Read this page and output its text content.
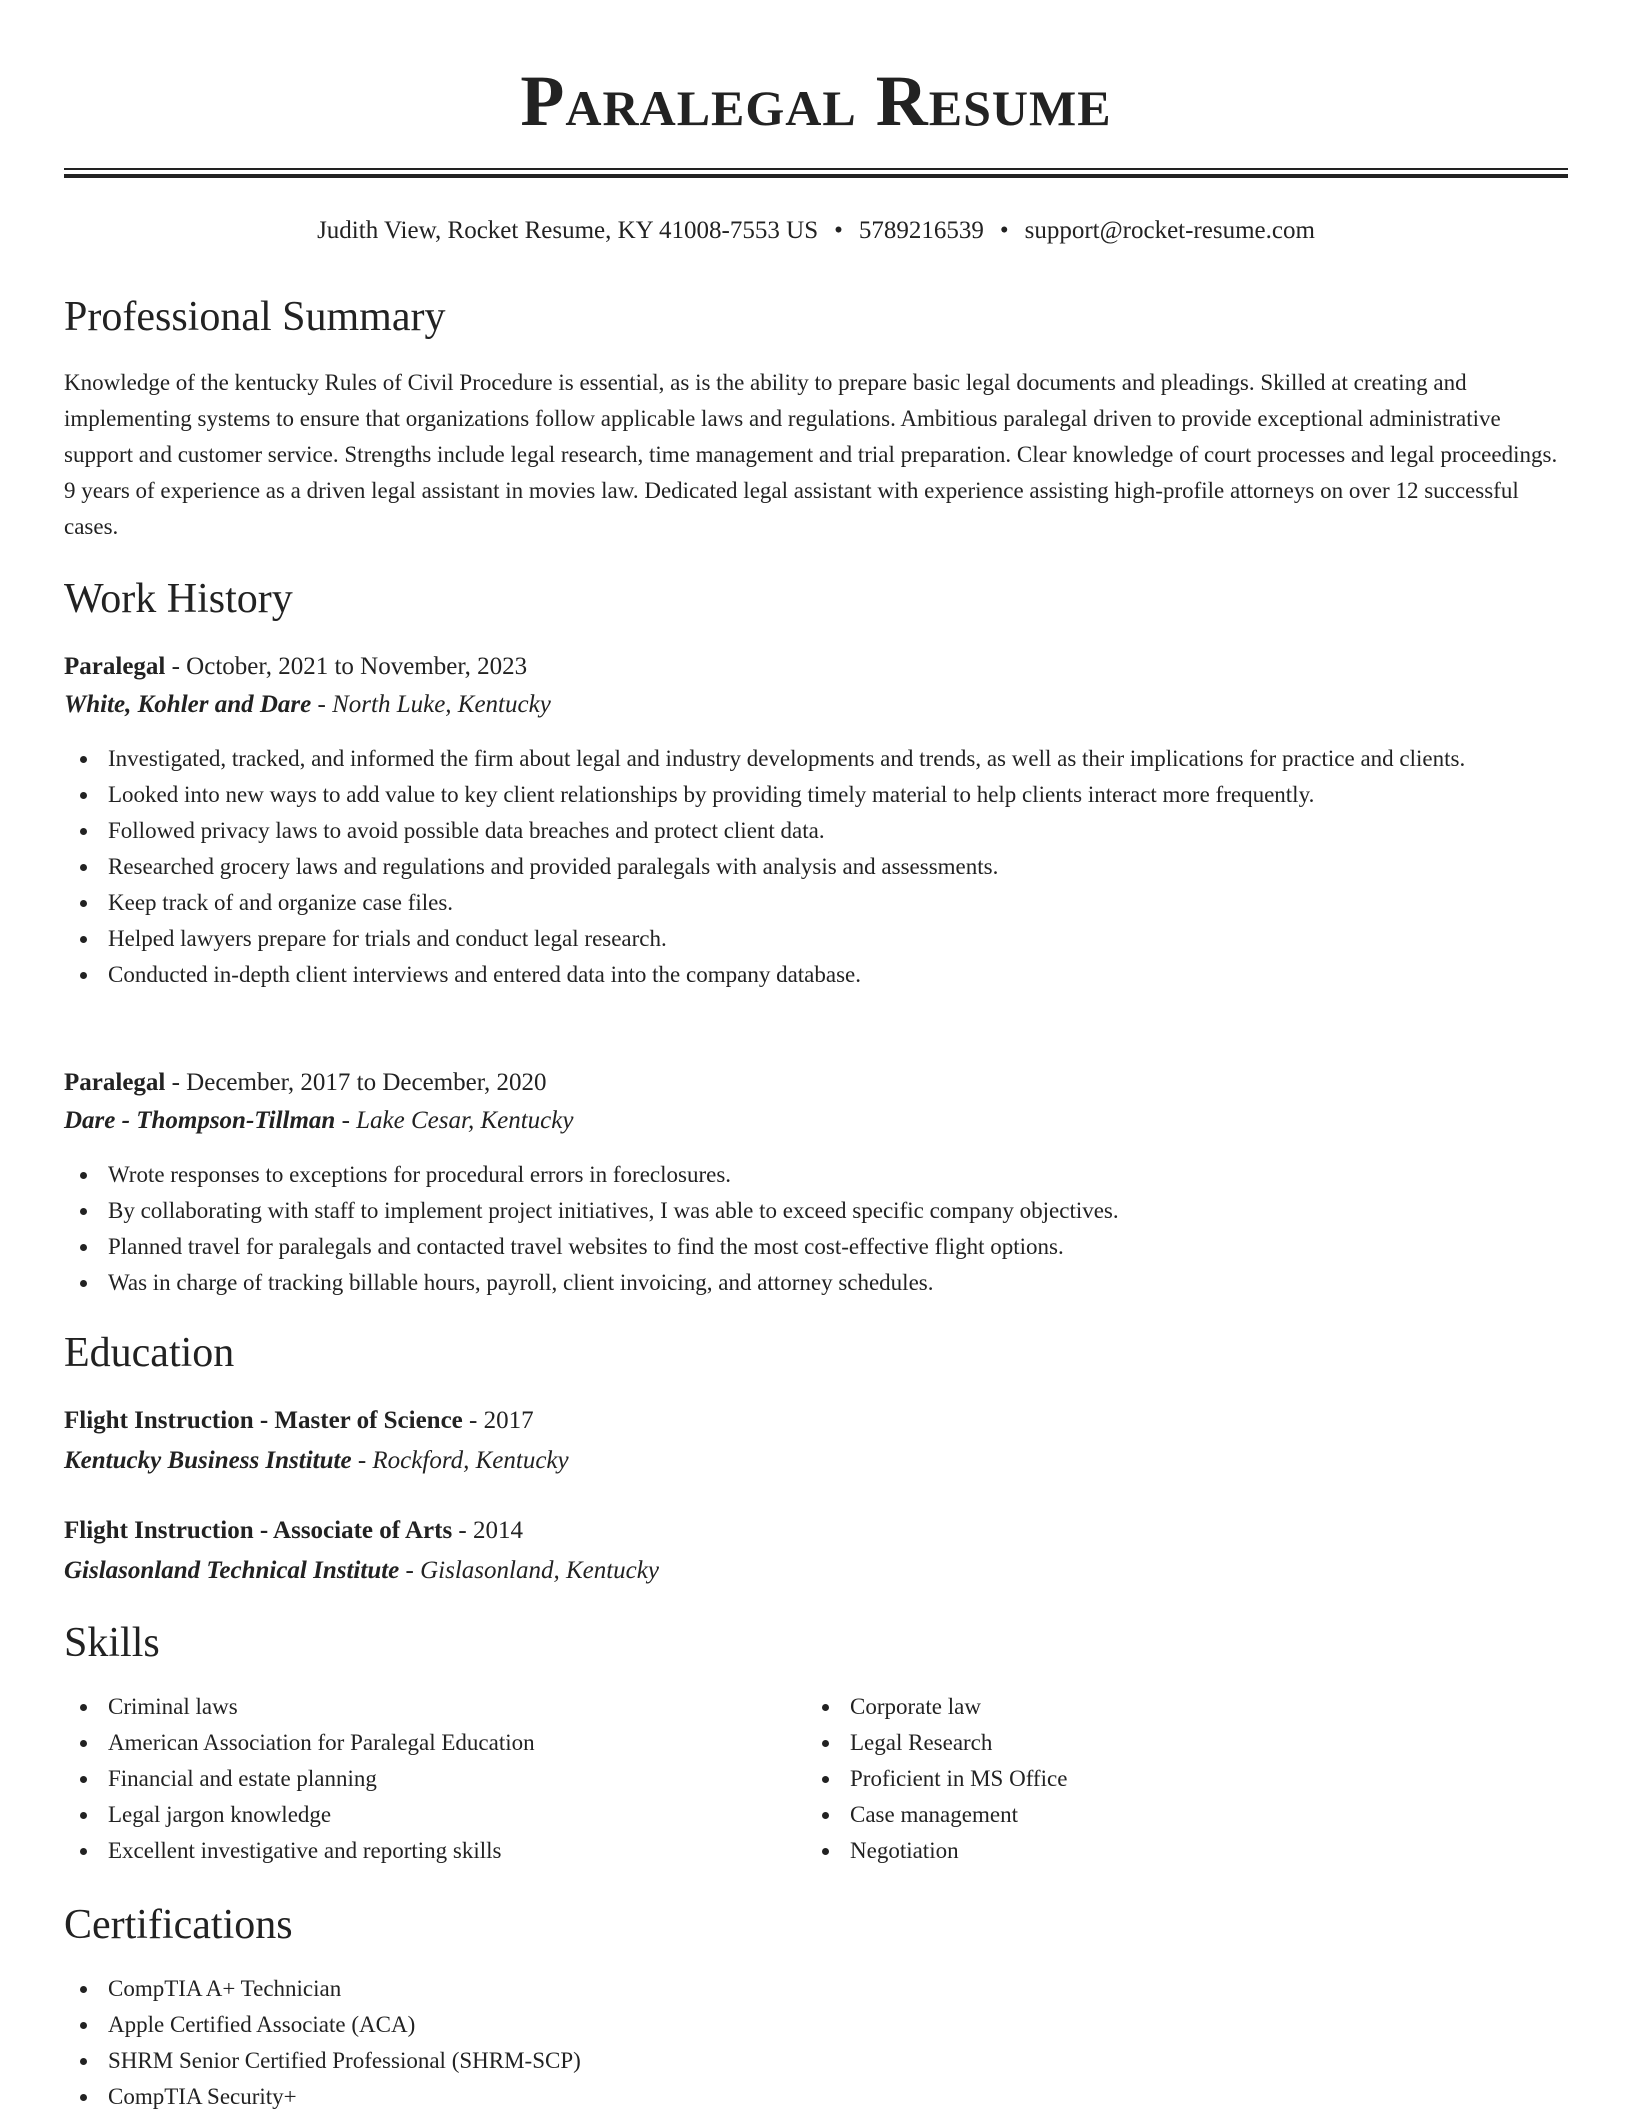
Paralegal Resume
Judith View, Rocket Resume, KY 41008-7553 US • 5789216539 • support@rocket-resume.com
Professional Summary
Knowledge of the kentucky Rules of Civil Procedure is essential, as is the ability to prepare basic legal documents and pleadings. Skilled at creating and implementing systems to ensure that organizations follow applicable laws and regulations. Ambitious paralegal driven to provide exceptional administrative support and customer service. Strengths include legal research, time management and trial preparation. Clear knowledge of court processes and legal proceedings. 9 years of experience as a driven legal assistant in movies law. Dedicated legal assistant with experience assisting high-profile attorneys on over 12 successful cases.
Work History
Paralegal - October, 2021 to November, 2023
White, Kohler and Dare - North Luke, Kentucky
Investigated, tracked, and informed the firm about legal and industry developments and trends, as well as their implications for practice and clients.
Looked into new ways to add value to key client relationships by providing timely material to help clients interact more frequently.
Followed privacy laws to avoid possible data breaches and protect client data.
Researched grocery laws and regulations and provided paralegals with analysis and assessments.
Keep track of and organize case files.
Helped lawyers prepare for trials and conduct legal research.
Conducted in-depth client interviews and entered data into the company database.
Paralegal - December, 2017 to December, 2020
Dare - Thompson-Tillman - Lake Cesar, Kentucky
Wrote responses to exceptions for procedural errors in foreclosures.
By collaborating with staff to implement project initiatives, I was able to exceed specific company objectives.
Planned travel for paralegals and contacted travel websites to find the most cost-effective flight options.
Was in charge of tracking billable hours, payroll, client invoicing, and attorney schedules.
Education
Flight Instruction - Master of Science - 2017
Kentucky Business Institute - Rockford, Kentucky
Flight Instruction - Associate of Arts - 2014
Gislasonland Technical Institute - Gislasonland, Kentucky
Skills
Criminal laws
American Association for Paralegal Education
Financial and estate planning
Legal jargon knowledge
Excellent investigative and reporting skills
Corporate law
Legal Research
Proficient in MS Office
Case management
Negotiation
Certifications
CompTIA A+ Technician
Apple Certified Associate (ACA)
SHRM Senior Certified Professional (SHRM-SCP)
CompTIA Security+
